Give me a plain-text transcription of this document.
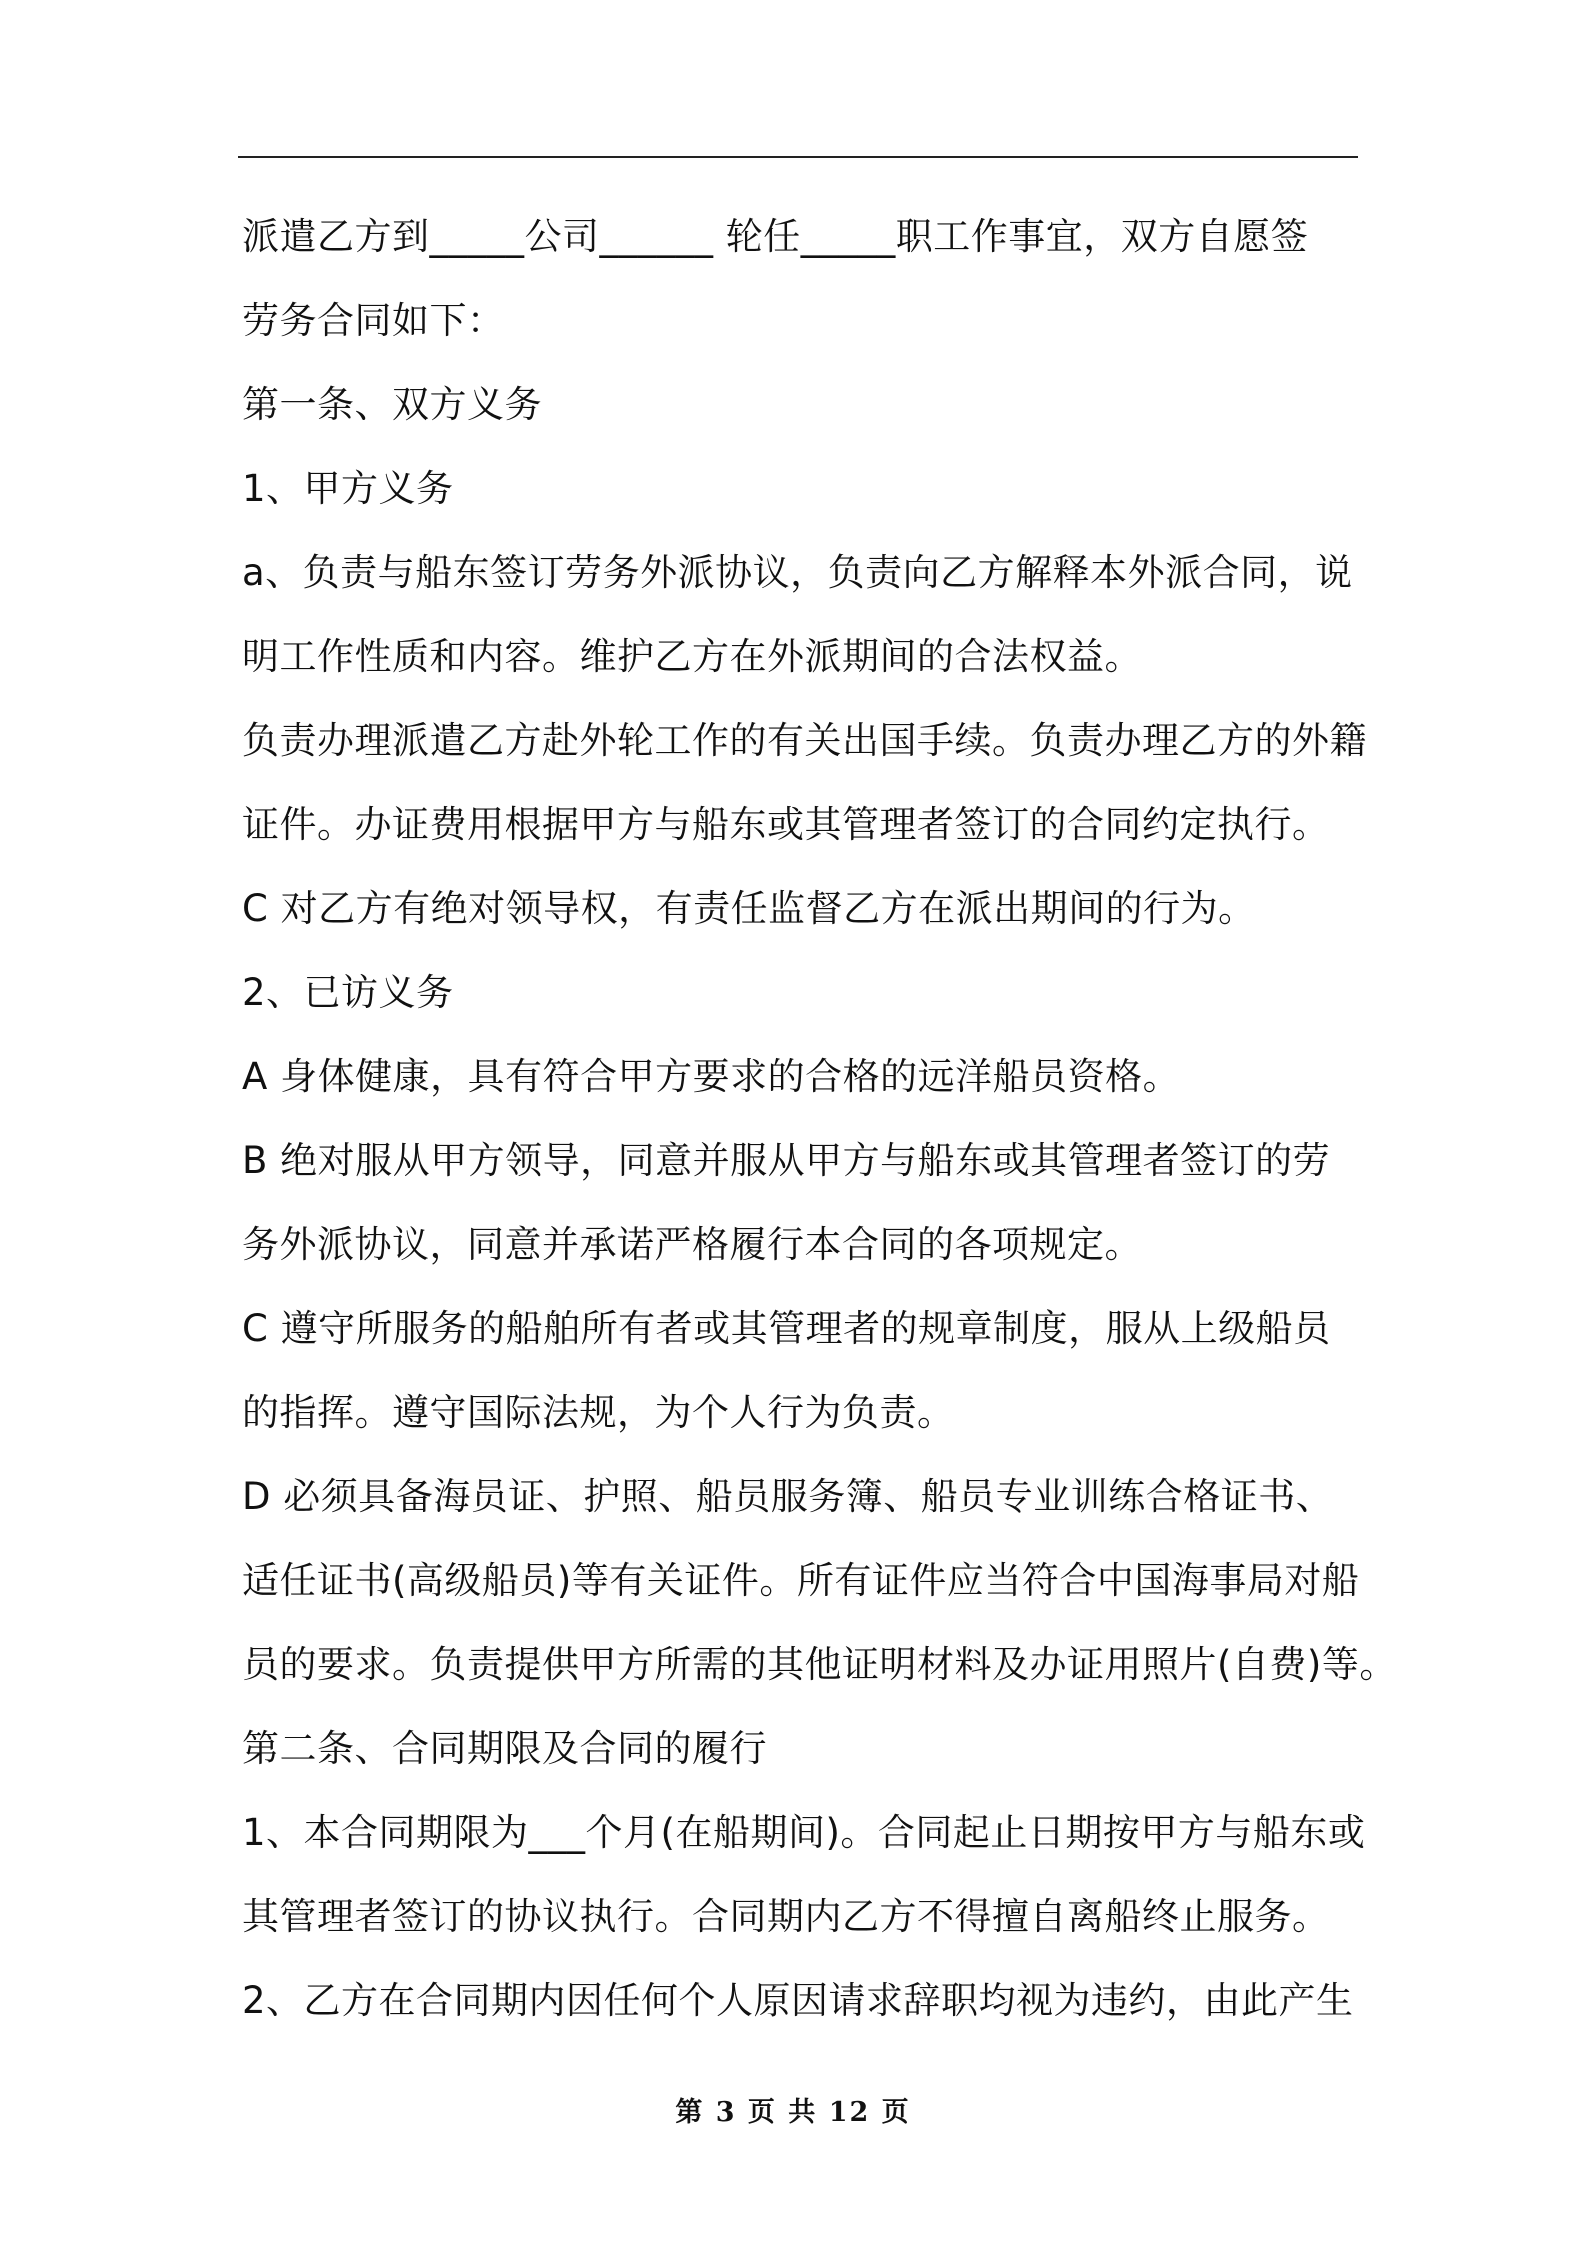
派遣乙方到_____公司______ 轮任_____职工作事宜，双方自愿签
劳务合同如下：
第一条、双方义务
1、甲方义务
a、负责与船东签订劳务外派协议，负责向乙方解释本外派合同，说
明工作性质和内容。维护乙方在外派期间的合法权益。
负责办理派遣乙方赴外轮工作的有关出国手续。负责办理乙方的外籍
证件。办证费用根据甲方与船东或其管理者签订的合同约定执行。
C 对乙方有绝对领导权，有责任监督乙方在派出期间的行为。
2、已访义务
A 身体健康，具有符合甲方要求的合格的远洋船员资格。
B 绝对服从甲方领导，同意并服从甲方与船东或其管理者签订的劳
务外派协议，同意并承诺严格履行本合同的各项规定。
C 遵守所服务的船舶所有者或其管理者的规章制度，服从上级船员
的指挥。遵守国际法规，为个人行为负责。
D 必须具备海员证、护照、船员服务簿、船员专业训练合格证书、
适任证书(高级船员)等有关证件。所有证件应当符合中国海事局对船
员的要求。负责提供甲方所需的其他证明材料及办证用照片(自费)等。
第二条、合同期限及合同的履行
1、本合同期限为___个月(在船期间)。合同起止日期按甲方与船东或
其管理者签订的协议执行。合同期内乙方不得擅自离船终止服务。
2、乙方在合同期内因任何个人原因请求辞职均视为违约，由此产生
第 3 页 共 12 页
